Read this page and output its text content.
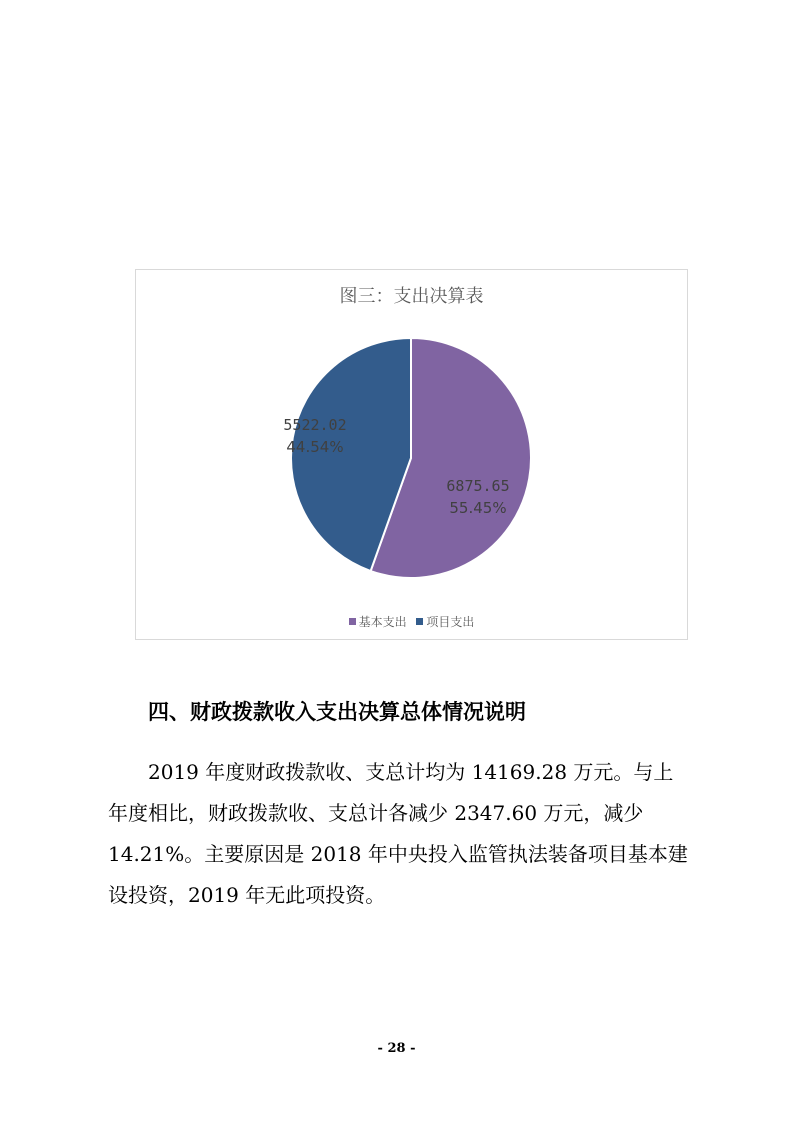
图三：支出决算表
6875.65
55.45%
5522.02
44.54%
基本支出 项目支出
四、财政拨款收入支出决算总体情况说明
　　2019 年度财政拨款收、支总计均为 14169.28 万元。与上
年度相比，财政拨款收、支总计各减少 2347.60 万元，减少
14.21%。主要原因是 2018 年中央投入监管执法装备项目基本建
设投资，2019 年无此项投资。
- 28 -
